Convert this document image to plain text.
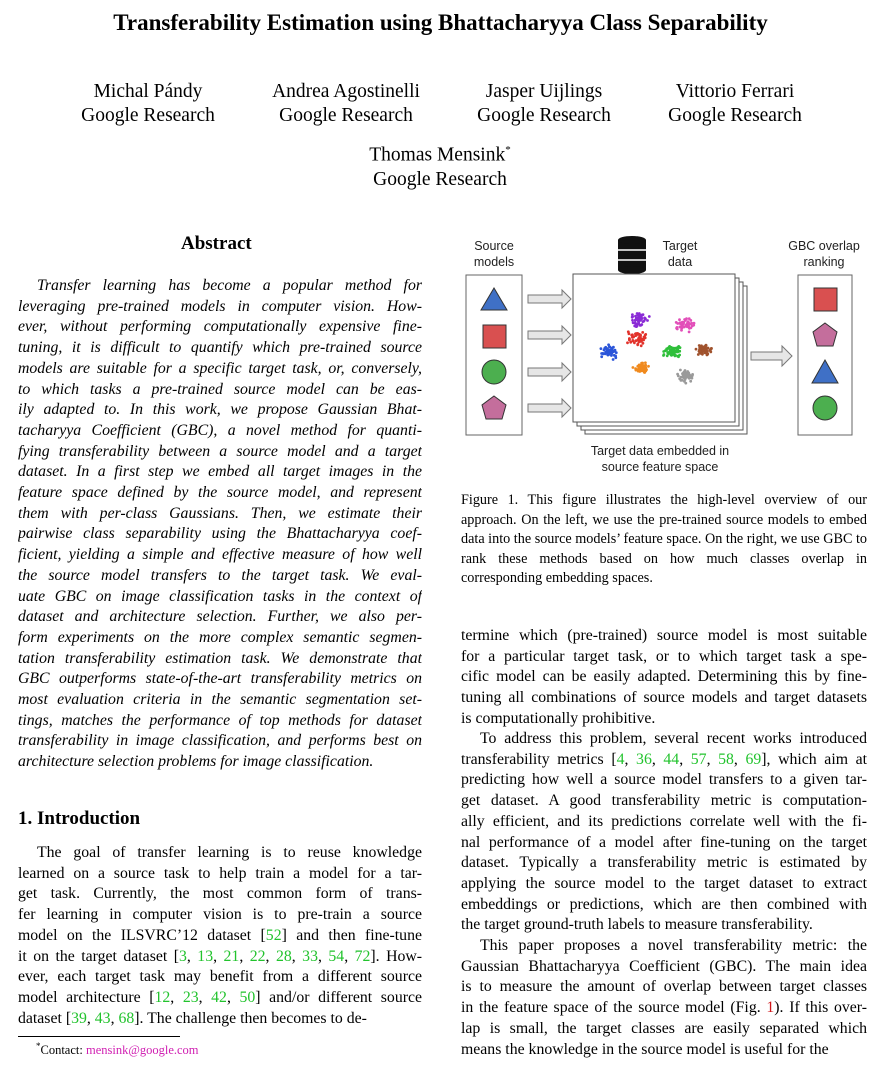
Transferability Estimation using Bhattacharyya Class Separability
Michal Pándy
Google Research
Andrea Agostinelli
Google Research
Jasper Uijlings
Google Research
Vittorio Ferrari
Google Research
Thomas Mensink*
Google Research
Abstract
Transfer learning has become a popular method for
leveraging pre-trained models in computer vision. How-
ever, without performing computationally expensive fine-
tuning, it is difficult to quantify which pre-trained source
models are suitable for a specific target task, or, conversely,
to which tasks a pre-trained source model can be eas-
ily adapted to. In this work, we propose Gaussian Bhat-
tacharyya Coefficient (GBC), a novel method for quanti-
fying transferability between a source model and a target
dataset. In a first step we embed all target images in the
feature space defined by the source model, and represent
them with per-class Gaussians. Then, we estimate their
pairwise class separability using the Bhattacharyya coef-
ficient, yielding a simple and effective measure of how well
the source model transfers to the target task. We eval-
uate GBC on image classification tasks in the context of
dataset and architecture selection. Further, we also per-
form experiments on the more complex semantic segmen-
tation transferability estimation task. We demonstrate that
GBC outperforms state-of-the-art transferability metrics on
most evaluation criteria in the semantic segmentation set-
tings, matches the performance of top methods for dataset
transferability in image classification, and performs best on
architecture selection problems for image classification.
1. Introduction
The goal of transfer learning is to reuse knowledge
learned on a source task to help train a model for a tar-
get task. Currently, the most common form of trans-
fer learning in computer vision is to pre-train a source
model on the ILSVRC’12 dataset [52] and then fine-tune
it on the target dataset [3, 13, 21, 22, 28, 33, 54, 72]. How-
ever, each target task may benefit from a different source
model architecture [12, 23, 42, 50] and/or different source
dataset [39, 43, 68]. The challenge then becomes to de-
*Contact: mensink@google.com
Source
models
Target
data
Target data embedded in
source feature space
GBC overlap
ranking
Figure 1. This figure illustrates the high-level overview of our approach. On the left, we use the pre-trained source models to embed data into the source models’ feature space. On the right, we use GBC to rank these methods based on how much classes overlap in corresponding embedding spaces.
termine which (pre-trained) source model is most suitable
for a particular target task, or to which target task a spe-
cific model can be easily adapted. Determining this by fine-
tuning all combinations of source models and target datasets
is computationally prohibitive.
To address this problem, several recent works introduced
transferability metrics [4, 36, 44, 57, 58, 69], which aim at
predicting how well a source model transfers to a given tar-
get dataset. A good transferability metric is computation-
ally efficient, and its predictions correlate well with the fi-
nal performance of a model after fine-tuning on the target
dataset. Typically a transferability metric is estimated by
applying the source model to the target dataset to extract
embeddings or predictions, which are then combined with
the target ground-truth labels to measure transferability.
This paper proposes a novel transferability metric: the
Gaussian Bhattacharyya Coefficient (GBC). The main idea
is to measure the amount of overlap between target classes
in the feature space of the source model (Fig. 1). If this over-
lap is small, the target classes are easily separated which
means the knowledge in the source model is useful for the
